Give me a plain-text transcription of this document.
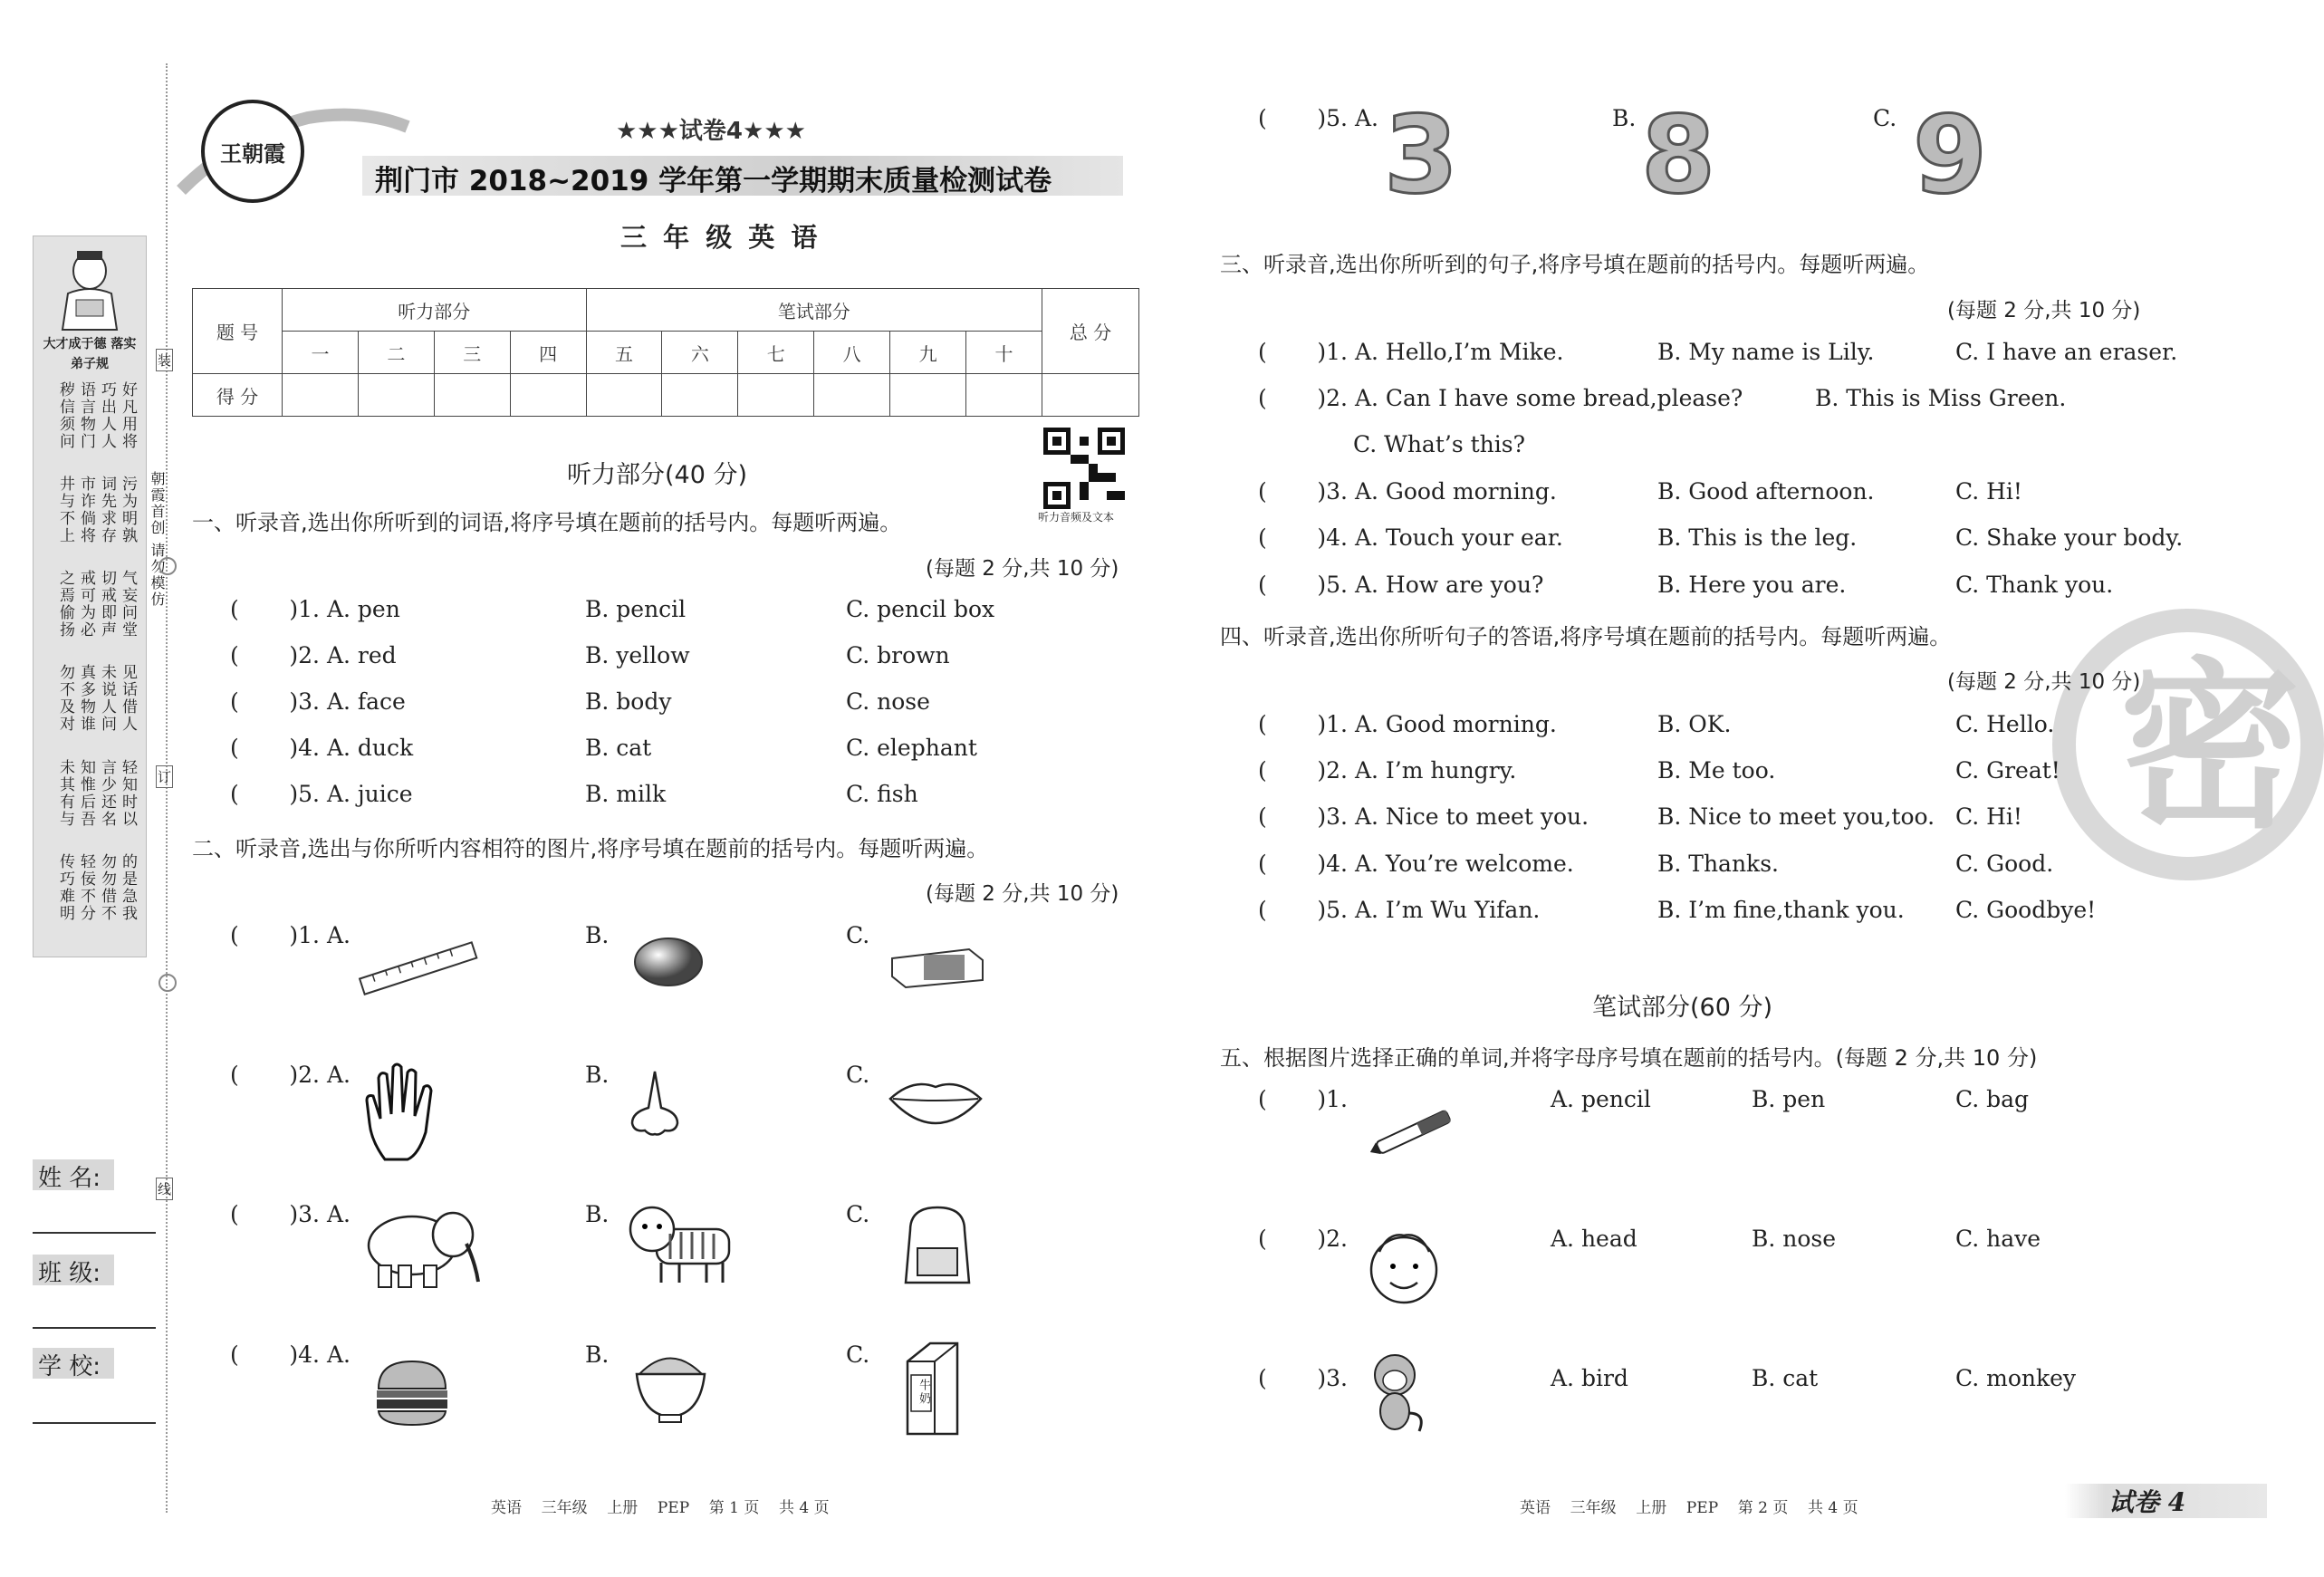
大才成于德 落实弟子规
好凡用将
巧出人人
语言物门
秽信须问
污为明孰
词先求存
市诈倘将
井与不上
气妄问堂
切戒即声
戒可为必
之焉偷扬
见话借人
未说人问
真多物谁
勿不及对
轻知时以
言少还名
知惟后吾
未其有与
的是急我
勿勿借不
轻佞不分
传巧难明
朝霞首创 请勿模仿
装
订
线
姓 名:
班 级:
学 校:
王朝霞
★★★试卷4★★★
荆门市 2018~2019 学年第一学期期末质量检测试卷
三 年 级 英 语
题 号	听力部分				笔试部分						总 分
	一	二	三	四	五	六	七	八	九	十	
得 分											
听力部分(40 分)
听力音频及文本
一、听录音,选出你所听到的词语,将序号填在题前的括号内。每题听两遍。
(每题 2 分,共 10 分)
(       )1. A. pen	B. pencil	C. pencil box
(       )2. A. red	B. yellow	C. brown
(       )3. A. face	B. body	C. nose
(       )4. A. duck	B. cat	C. elephant
(       )5. A. juice	B. milk	C. fish
二、听录音,选出与你所听内容相符的图片,将序号填在题前的括号内。每题听两遍。
(每题 2 分,共 10 分)
(       )1. A.	B.	C.
(       )2. A.	B.	C.
(       )3. A.	B.	C.
(       )4. A.	B.	C.
牛奶
(       )5. A.	B.	C.
3 8 9
三、听录音,选出你所听到的句子,将序号填在题前的括号内。每题听两遍。
(每题 2 分,共 10 分)
(       )1. A. Hello,I’m Mike.	B. My name is Lily.	C. I have an eraser.
(       )2. A. Can I have some bread,please?	B. This is Miss Green.
C. What’s this?
(       )3. A. Good morning.	B. Good afternoon.	C. Hi!
(       )4. A. Touch your ear.	B. This is the leg.	C. Shake your body.
(       )5. A. How are you?	B. Here you are.	C. Thank you.
密
四、听录音,选出你所听句子的答语,将序号填在题前的括号内。每题听两遍。
(每题 2 分,共 10 分)
(       )1. A. Good morning.	B. OK.	C. Hello.
(       )2. A. I’m hungry.	B. Me too.	C. Great!
(       )3. A. Nice to meet you.	B. Nice to meet you,too. C. Hi!
(       )4. A. You’re welcome.	B. Thanks.	C. Good.
(       )5. A. I’m Wu Yifan.	B. I’m fine,thank you. C. Goodbye!
笔试部分(60 分)
五、根据图片选择正确的单词,并将字母序号填在题前的括号内。(每题 2 分,共 10 分)
(       )1.	A. pencil	B. pen	C. bag
(       )2.	A. head	B. nose	C. have
(       )3.	A. bird	B. cat	C. monkey
英语    三年级    上册    PEP    第 1 页    共 4 页	英语    三年级    上册    PEP    第 2 页    共 4 页	试卷 4
